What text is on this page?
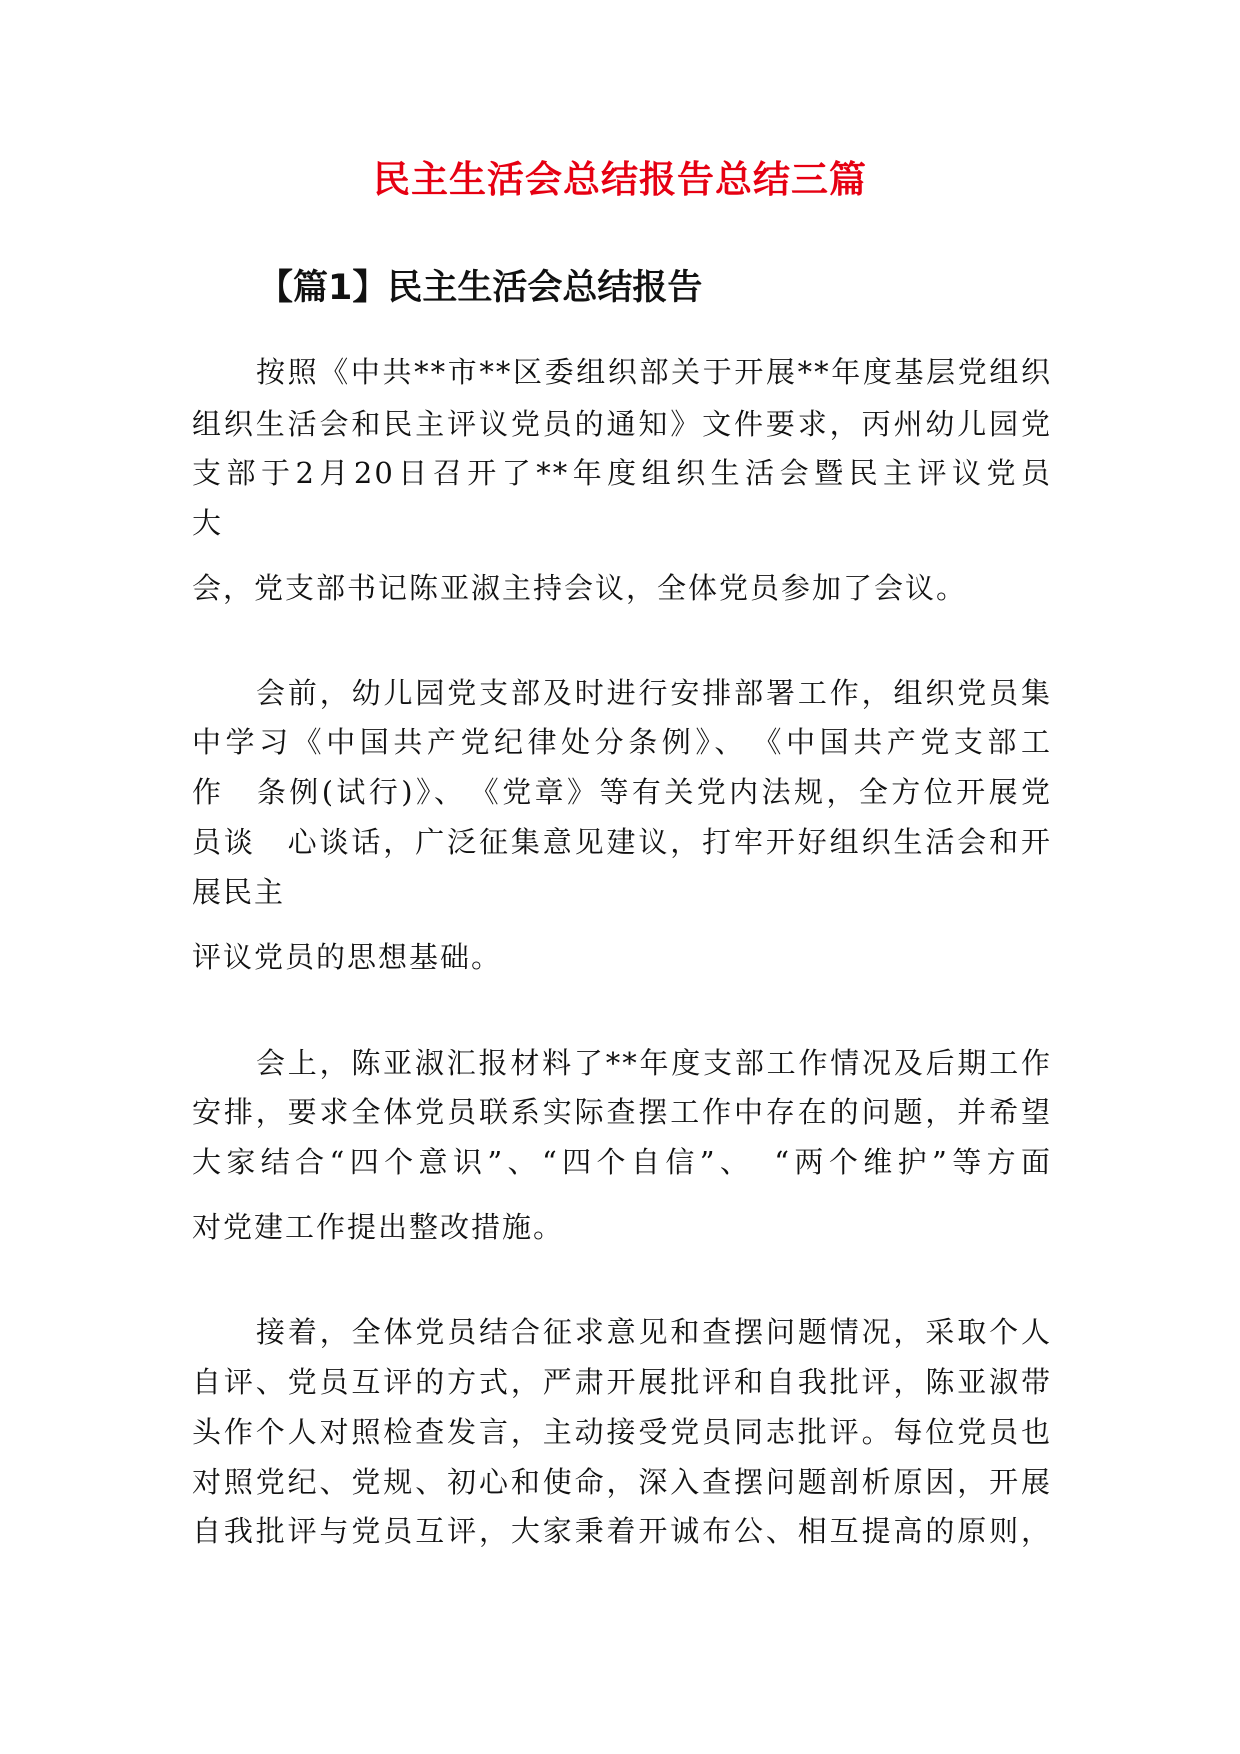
民主生活会总结报告总结三篇
【篇1】民主生活会总结报告

按照《中共**市**区委组织部关于开展**年度基层党组织

组织生活会和民主评议党员的通知》文件要求，丙州幼儿园党

支部于2月20日召开了**年度组织生活会暨民主评议党员

大

会，党支部书记陈亚淑主持会议，全体党员参加了会议。

会前，幼儿园党支部及时进行安排部署工作，组织党员集

中学习《中国共产党纪律处分条例》、　《中国共产党支部工

作　条例(试行)》、　《党章》等有关党内法规，全方位开展党

员谈　心谈话，广泛征集意见建议，打牢开好组织生活会和开

展民主

评议党员的思想基础。

会上，陈亚淑汇报材料了**年度支部工作情况及后期工作

安排，要求全体党员联系实际查摆工作中存在的问题，并希望

大家结合“四个意识”、“四个自信”、　“两个维护”等方面

对党建工作提出整改措施。

接着，全体党员结合征求意见和查摆问题情况，采取个人

自评、党员互评的方式，严肃开展批评和自我批评，陈亚淑带

头作个人对照检查发言，主动接受党员同志批评。每位党员也

对照党纪、党规、初心和使命，深入查摆问题剖析原因，开展

自我批评与党员互评，大家秉着开诚布公、相互提高的原则，
